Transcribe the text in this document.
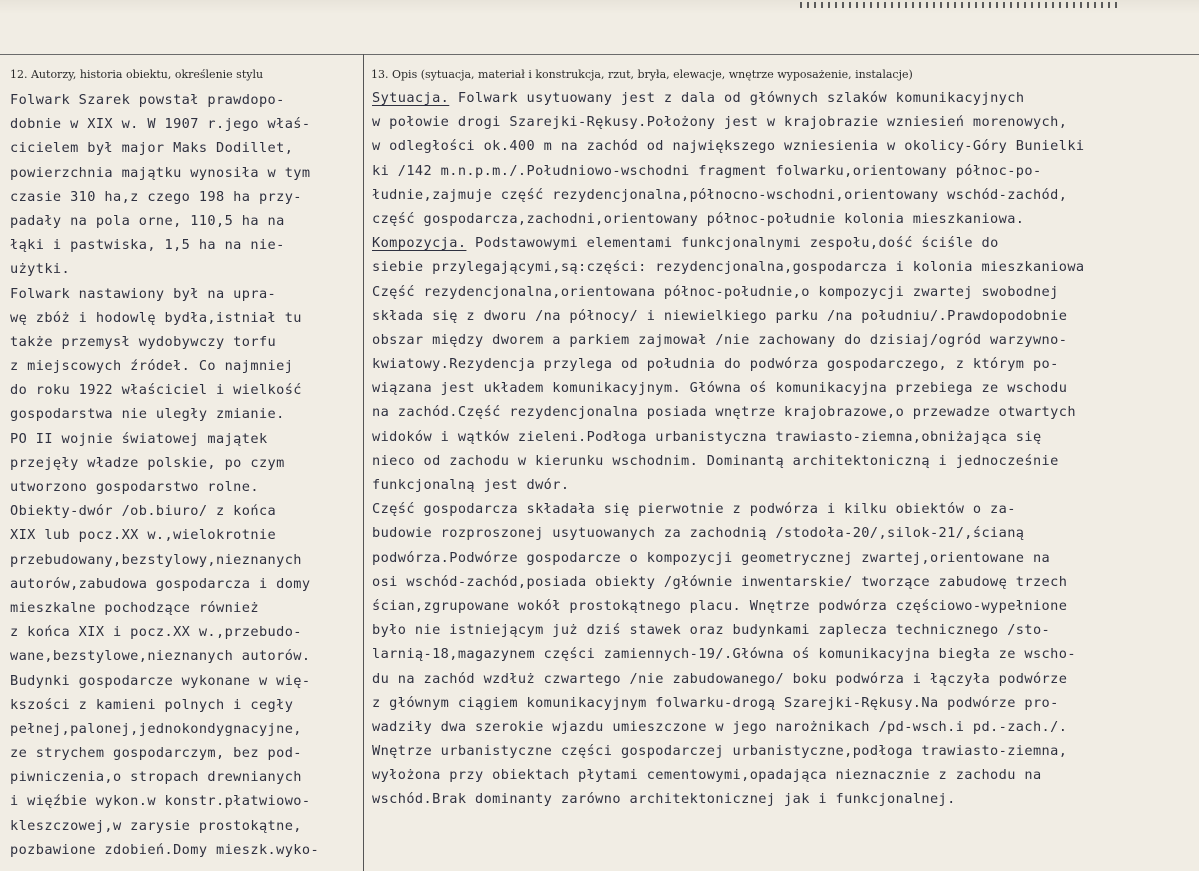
12. Autorzy, historia obiektu, określenie stylu	13. Opis (sytuacja, materiał i konstrukcja, rzut, bryła, elewacje, wnętrze wyposażenie, instalacje)
Folwark Szarek powstał prawdopo-
dobnie w XIX w. W 1907 r.jego właś-
cicielem był major Maks Dodillet,
powierzchnia majątku wynosiła w tym
czasie 310 ha,z czego 198 ha przy-
padały na pola orne, 110,5 ha na
łąki i pastwiska, 1,5 ha na nie-
użytki.
Folwark nastawiony był na upra-
wę zbóż i hodowlę bydła,istniał tu
także przemysł wydobywczy torfu
z miejscowych źródeł. Co najmniej
do roku 1922 właściciel i wielkość
gospodarstwa nie uległy zmianie.
PO II wojnie światowej majątek
przejęły władze polskie, po czym
utworzono gospodarstwo rolne.
Obiekty-dwór /ob.biuro/ z końca
XIX lub pocz.XX w.,wielokrotnie
przebudowany,bezstylowy,nieznanych
autorów,zabudowa gospodarcza i domy
mieszkalne pochodzące również
z końca XIX i pocz.XX w.,przebudo-
wane,bezstylowe,nieznanych autorów.
Budynki gospodarcze wykonane w wię-
kszości z kamieni polnych i cegły
pełnej,palonej,jednokondygnacyjne,
ze strychem gospodarczym, bez pod-
piwniczenia,o stropach drewnianych
i więźbie wykon.w konstr.płatwiowo-
kleszczowej,w zarysie prostokątne,
pozbawione zdobień.Domy mieszk.wyko-
Sytuacja. Folwark usytuowany jest z dala od głównych szlaków komunikacyjnych
w połowie drogi Szarejki-Rękusy.Położony jest w krajobrazie wzniesień morenowych,
w odległości ok.400 m na zachód od największego wzniesienia w okolicy-Góry Bunielki
ki /142 m.n.p.m./.Południowo-wschodni fragment folwarku,orientowany północ-po-
łudnie,zajmuje część rezydencjonalna,północno-wschodni,orientowany wschód-zachód,
część gospodarcza,zachodni,orientowany północ-południe kolonia mieszkaniowa.
Kompozycja. Podstawowymi elementami funkcjonalnymi zespołu,dość ściśle do
siebie przylegającymi,są:części: rezydencjonalna,gospodarcza i kolonia mieszkaniowa
Część rezydencjonalna,orientowana północ-południe,o kompozycji zwartej swobodnej
składa się z dworu /na północy/ i niewielkiego parku /na południu/.Prawdopodobnie
obszar między dworem a parkiem zajmował /nie zachowany do dzisiaj/ogród warzywno-
kwiatowy.Rezydencja przylega od południa do podwórza gospodarczego, z którym po-
wiązana jest układem komunikacyjnym. Główna oś komunikacyjna przebiega ze wschodu
na zachód.Część rezydencjonalna posiada wnętrze krajobrazowe,o przewadze otwartych
widoków i wątków zieleni.Podłoga urbanistyczna trawiasto-ziemna,obniżająca się
nieco od zachodu w kierunku wschodnim. Dominantą architektoniczną i jednocześnie
funkcjonalną jest dwór.
Część gospodarcza składała się pierwotnie z podwórza i kilku obiektów o za-
budowie rozproszonej usytuowanych za zachodnią /stodoła-20/,silok-21/,ścianą
podwórza.Podwórze gospodarcze o kompozycji geometrycznej zwartej,orientowane na
osi wschód-zachód,posiada obiekty /głównie inwentarskie/ tworzące zabudowę trzech
ścian,zgrupowane wokół prostokątnego placu. Wnętrze podwórza częściowo-wypełnione
było nie istniejącym już dziś stawek oraz budynkami zaplecza technicznego /sto-
larnią-18,magazynem części zamiennych-19/.Główna oś komunikacyjna biegła ze wscho-
du na zachód wzdłuż czwartego /nie zabudowanego/ boku podwórza i łączyła podwórze
z głównym ciągiem komunikacyjnym folwarku-drogą Szarejki-Rękusy.Na podwórze pro-
wadziły dwa szerokie wjazdu umieszczone w jego narożnikach /pd-wsch.i pd.-zach./.
Wnętrze urbanistyczne części gospodarczej urbanistyczne,podłoga trawiasto-ziemna,
wyłożona przy obiektach płytami cementowymi,opadająca nieznacznie z zachodu na
wschód.Brak dominanty zarówno architektonicznej jak i funkcjonalnej.
